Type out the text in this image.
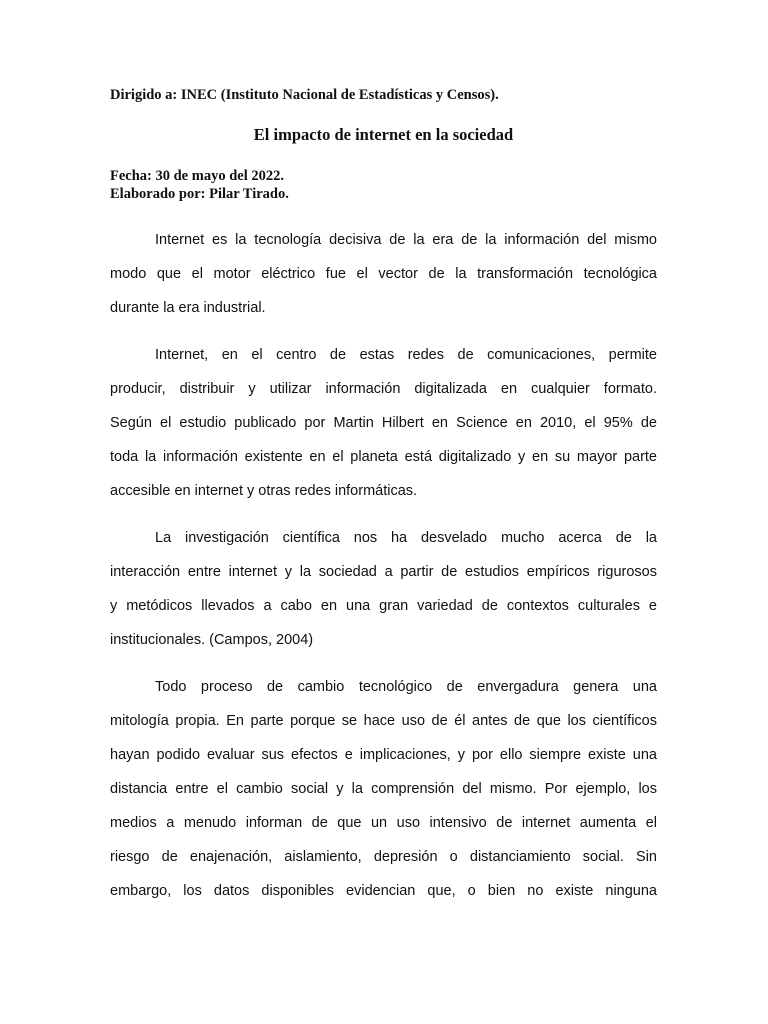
Dirigido a: INEC (Instituto Nacional de Estadísticas y Censos).
El impacto de internet en la sociedad
Fecha: 30 de mayo del 2022.
Elaborado por: Pilar Tirado.

Internet es la tecnología decisiva de la era de la información del mismo
modo que el motor eléctrico fue el vector de la transformación tecnológica
durante la era industrial.

Internet, en el centro de estas redes de comunicaciones, permite
producir, distribuir y utilizar información digitalizada en cualquier formato.
Según el estudio publicado por Martin Hilbert en Science en 2010, el 95% de
toda la información existente en el planeta está digitalizado y en su mayor parte
accesible en internet y otras redes informáticas.

La investigación científica nos ha desvelado mucho acerca de la
interacción entre internet y la sociedad a partir de estudios empíricos rigurosos
y metódicos llevados a cabo en una gran variedad de contextos culturales e
institucionales. (Campos, 2004)

Todo proceso de cambio tecnológico de envergadura genera una
mitología propia. En parte porque se hace uso de él antes de que los científicos
hayan podido evaluar sus efectos e implicaciones, y por ello siempre existe una
distancia entre el cambio social y la comprensión del mismo. Por ejemplo, los
medios a menudo informan de que un uso intensivo de internet aumenta el
riesgo de enajenación, aislamiento, depresión o distanciamiento social. Sin
embargo, los datos disponibles evidencian que, o bien no existe ninguna
